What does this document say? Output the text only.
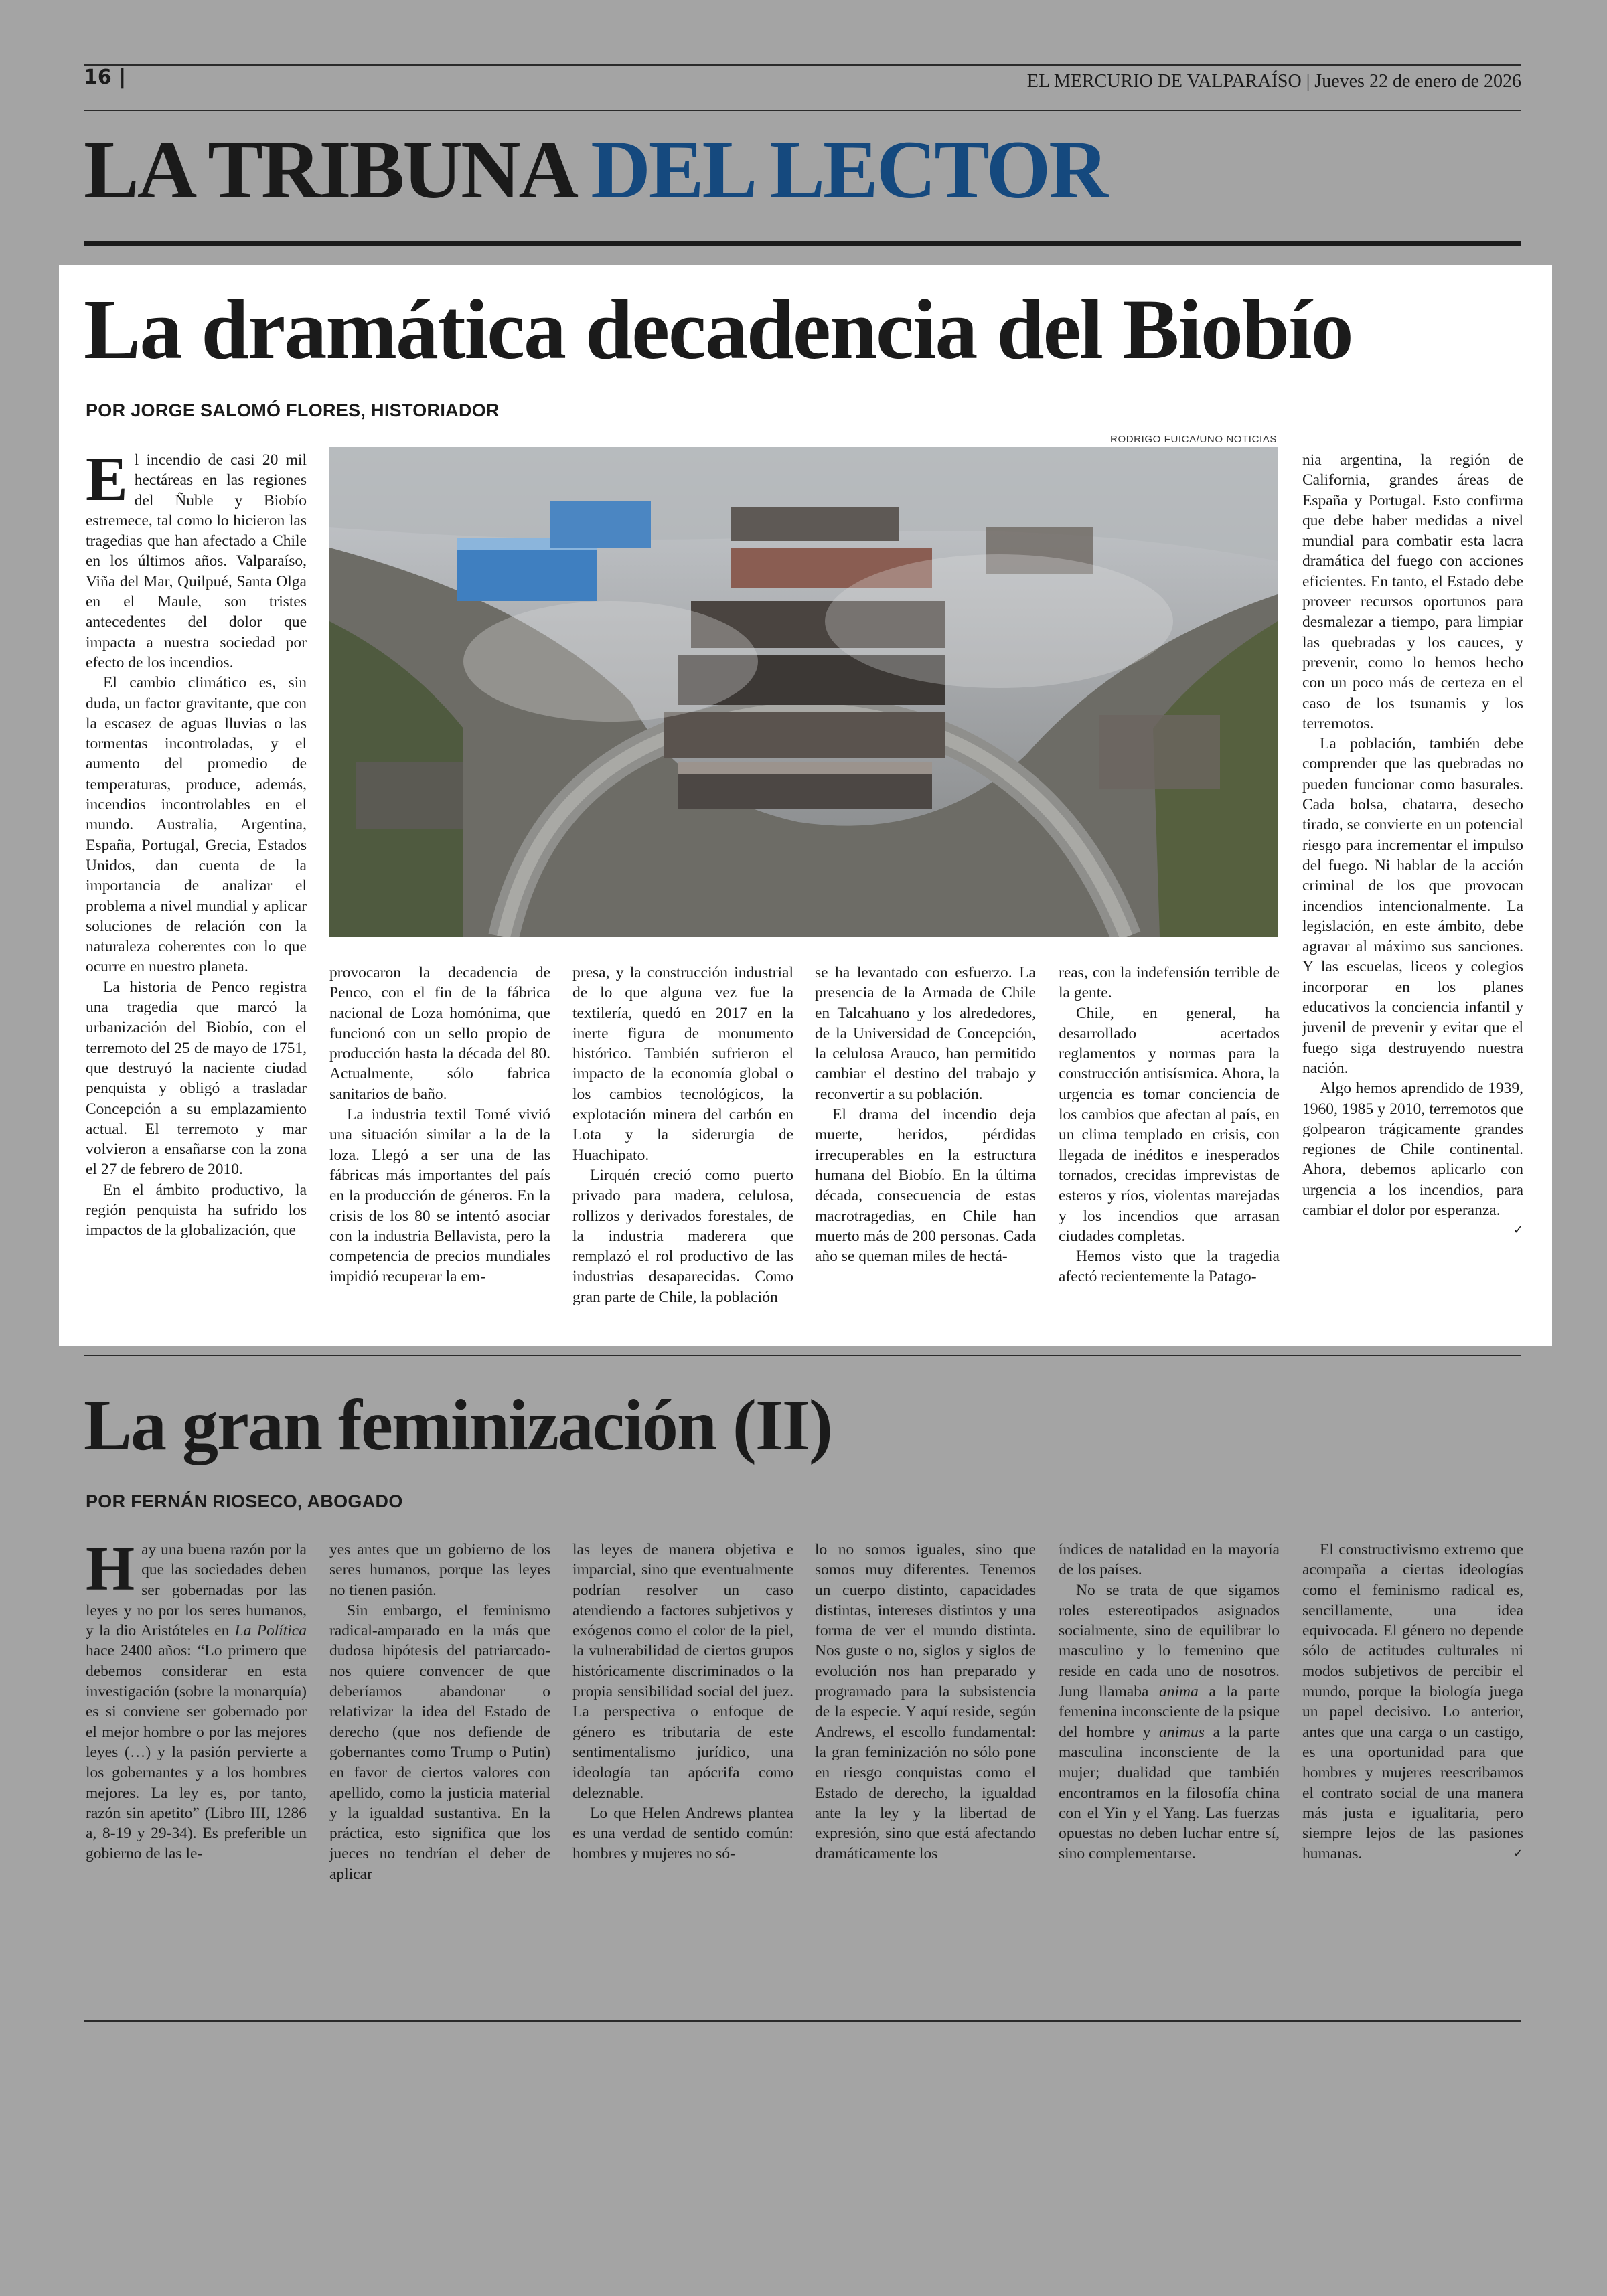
16 |	EL MERCURIO DE VALPARAÍSO | Jueves 22 de enero de 2026
LA TRIBUNA DEL LECTOR
La dramática decadencia del Biobío
POR JORGE SALOMÓ FLORES, HISTORIADOR
RODRIGO FUICA/UNO NOTICIAS

El incendio de casi 20 mil hectáreas en las regiones del Ñuble y Biobío estremece, tal como lo hicieron las tragedias que han afectado a Chile en los últimos años. Valparaíso, Viña del Mar, Quilpué, Santa Olga en el Maule, son tristes antecedentes del dolor que impacta a nuestra sociedad por efecto de los incendios.

El cambio climático es, sin duda, un factor gravitante, que con la escasez de aguas lluvias o las tormentas incontroladas, y el aumento del promedio de temperaturas, produce, además, incendios incontrolables en el mundo. Australia, Argentina, España, Portugal, Grecia, Estados Unidos, dan cuenta de la importancia de analizar el problema a nivel mundial y aplicar soluciones de relación con la naturaleza coherentes con lo que ocurre en nuestro planeta.

La historia de Penco registra una tragedia que marcó la urbanización del Biobío, con el terremoto del 25 de mayo de 1751, que destruyó la naciente ciudad penquista y obligó a trasladar Concepción a su emplazamiento actual. El terremoto y mar volvieron a ensañarse con la zona el 27 de febrero de 2010.

En el ámbito productivo, la región penquista ha sufrido los impactos de la globalización, que

provocaron la decadencia de Penco, con el fin de la fábrica nacional de Loza homónima, que funcionó con un sello propio de producción hasta la década del 80. Actualmente, sólo fabrica sanitarios de baño.

La industria textil Tomé vivió una situación similar a la de la loza. Llegó a ser una de las fábricas más importantes del país en la producción de géneros. En la crisis de los 80 se intentó asociar con la industria Bellavista, pero la competencia de precios mundiales impidió recuperar la em-

presa, y la construcción industrial de lo que alguna vez fue la textilería, quedó en 2017 en la inerte figura de monumento histórico. También sufrieron el impacto de la economía global o los cambios tecnológicos, la explotación minera del carbón en Lota y la siderurgia de Huachipato.

Lirquén creció como puerto privado para madera, celulosa, rollizos y derivados forestales, de la industria maderera que remplazó el rol productivo de las industrias desaparecidas. Como gran parte de Chile, la población

se ha levantado con esfuerzo. La presencia de la Armada de Chile en Talcahuano y los alrededores, de la Universidad de Concepción, la celulosa Arauco, han permitido cambiar el destino del trabajo y reconvertir a su población.

El drama del incendio deja muerte, heridos, pérdidas irrecuperables en la estructura humana del Biobío. En la última década, consecuencia de estas macrotragedias, en Chile han muerto más de 200 personas. Cada año se queman miles de hectá-

reas, con la indefensión terrible de la gente.

Chile, en general, ha desarrollado acertados reglamentos y normas para la construcción antisísmica. Ahora, la urgencia es tomar conciencia de los cambios que afectan al país, en un clima templado en crisis, con llegada de inéditos e inesperados tornados, crecidas imprevistas de esteros y ríos, violentas marejadas y los incendios que arrasan ciudades completas.

Hemos visto que la tragedia afectó recientemente la Patago-

nia argentina, la región de California, grandes áreas de España y Portugal. Esto confirma que debe haber medidas a nivel mundial para combatir esta lacra dramática del fuego con acciones eficientes. En tanto, el Estado debe proveer recursos oportunos para desmalezar a tiempo, para limpiar las quebradas y los cauces, y prevenir, como lo hemos hecho con un poco más de certeza en el caso de los tsunamis y los terremotos.

La población, también debe comprender que las quebradas no pueden funcionar como basurales. Cada bolsa, chatarra, desecho tirado, se convierte en un potencial riesgo para incrementar el impulso del fuego. Ni hablar de la acción criminal de los que provocan incendios intencionalmente. La legislación, en este ámbito, debe agravar al máximo sus sanciones. Y las escuelas, liceos y colegios incorporar en los planes educativos la conciencia infantil y juvenil de prevenir y evitar que el fuego siga destruyendo nuestra nación.

Algo hemos aprendido de 1939, 1960, 1985 y 2010, terremotos que golpearon trágicamente grandes regiones de Chile continental. Ahora, debemos aplicarlo con urgencia a los incendios, para cambiar el dolor por esperanza.
✓

La gran feminización (II)
POR FERNÁN RIOSECO, ABOGADO

Hay una buena razón por la que las sociedades deben ser gobernadas por las leyes y no por los seres humanos, y la dio Aristóteles en La Política hace 2400 años: “Lo primero que debemos considerar en esta investigación (sobre la monarquía) es si conviene ser gobernado por el mejor hombre o por las mejores leyes (…) y la pasión pervierte a los gobernantes y a los hombres mejores. La ley es, por tanto, razón sin apetito” (Libro III, 1286 a, 8-19 y 29-34). Es preferible un gobierno de las le-

yes antes que un gobierno de los seres humanos, porque las leyes no tienen pasión.

Sin embargo, el feminismo radical-amparado en la más que dudosa hipótesis del patriarcado-nos quiere convencer de que deberíamos abandonar o relativizar la idea del Estado de derecho (que nos defiende de gobernantes como Trump o Putin) en favor de ciertos valores con apellido, como la justicia material y la igualdad sustantiva. En la práctica, esto significa que los jueces no tendrían el deber de aplicar

las leyes de manera objetiva e imparcial, sino que eventualmente podrían resolver un caso atendiendo a factores subjetivos y exógenos como el color de la piel, la vulnerabilidad de ciertos grupos históricamente discriminados o la propia sensibilidad social del juez. La perspectiva o enfoque de género es tributaria de este sentimentalismo jurídico, una ideología tan apócrifa como deleznable.

Lo que Helen Andrews plantea es una verdad de sentido común: hombres y mujeres no só-

lo no somos iguales, sino que somos muy diferentes. Tenemos un cuerpo distinto, capacidades distintas, intereses distintos y una forma de ver el mundo distinta. Nos guste o no, siglos y siglos de evolución nos han preparado y programado para la subsistencia de la especie. Y aquí reside, según Andrews, el escollo fundamental: la gran feminización no sólo pone en riesgo conquistas como el Estado de derecho, la igualdad ante la ley y la libertad de expresión, sino que está afectando dramáticamente los

índices de natalidad en la mayoría de los países.

No se trata de que sigamos roles estereotipados asignados socialmente, sino de equilibrar lo masculino y lo femenino que reside en cada uno de nosotros. Jung llamaba anima a la parte femenina inconsciente de la psique del hombre y animus a la parte masculina inconsciente de la mujer; dualidad que también encontramos en la filosofía china con el Yin y el Yang. Las fuerzas opuestas no deben luchar entre sí, sino complementarse.

El constructivismo extremo que acompaña a ciertas ideologías como el feminismo radical es, sencillamente, una idea equivocada. El género no depende sólo de actitudes culturales ni modos subjetivos de percibir el mundo, porque la biología juega un papel decisivo. Lo anterior, antes que una carga o un castigo, es una oportunidad para que hombres y mujeres reescribamos el contrato social de una manera más justa e igualitaria, pero siempre lejos de las pasiones humanas.	✓
